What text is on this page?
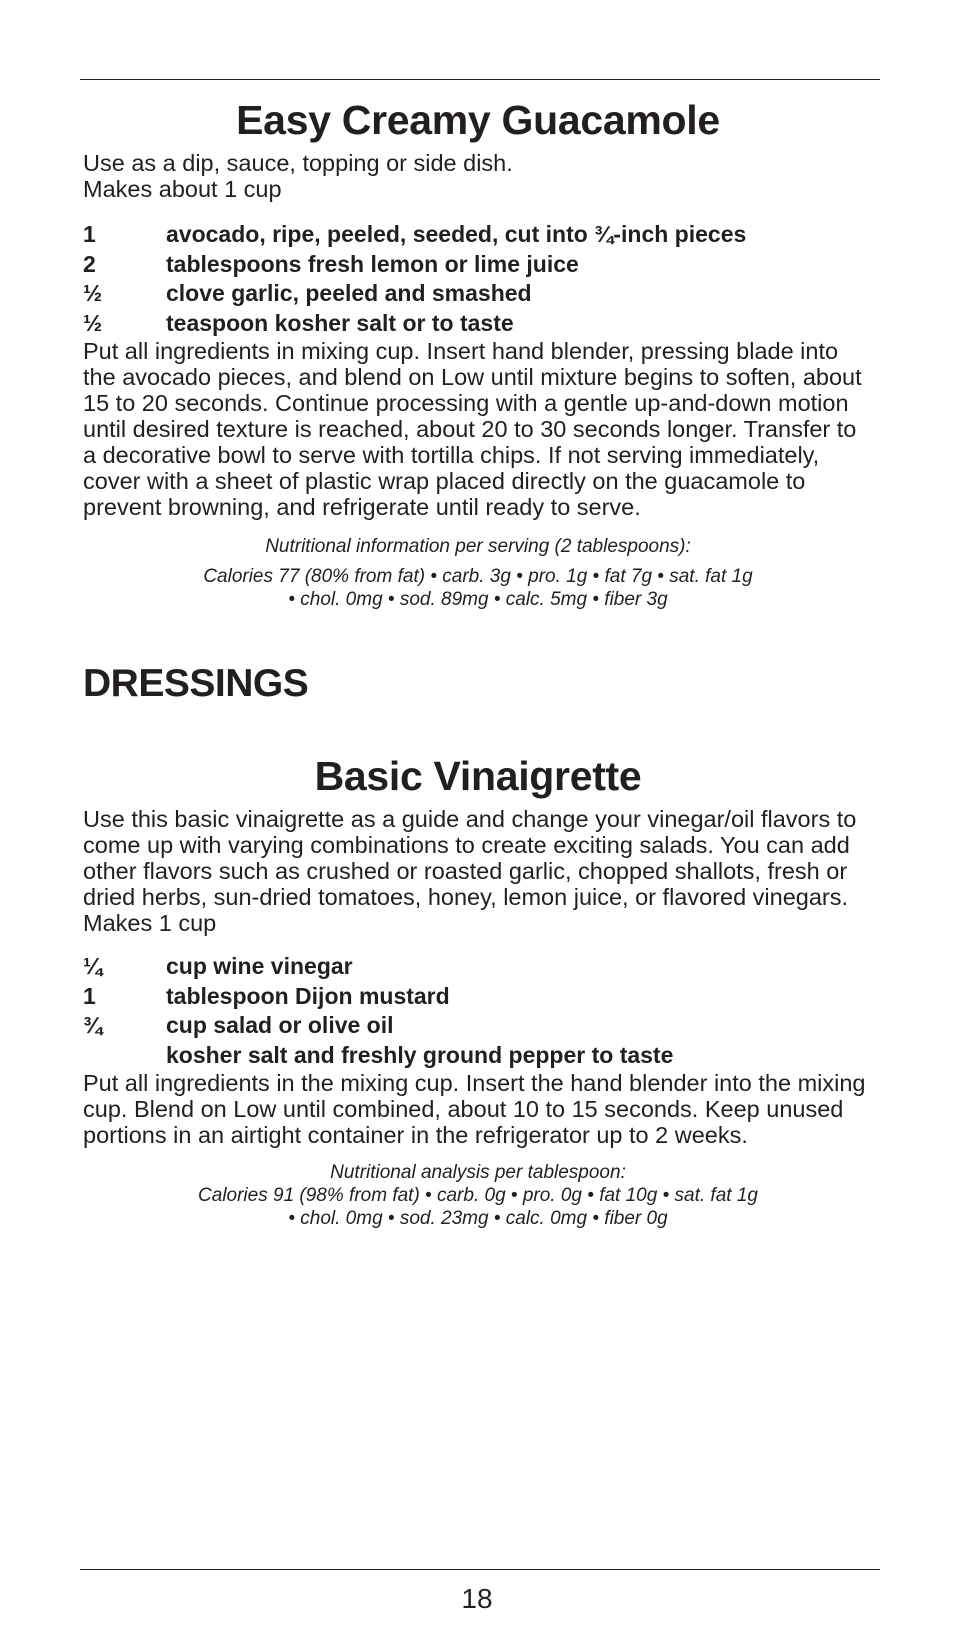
Easy Creamy Guacamole

Use as a dip, sauce, topping or side dish.

Makes about 1 cup

1	avocado, ripe, peeled, seeded, cut into ¾-inch pieces
2	tablespoons fresh lemon or lime juice
½	clove garlic, peeled and smashed
½	teaspoon kosher salt or to taste

Put all ingredients in mixing cup. Insert hand blender, pressing blade into the avocado pieces, and blend on Low until mixture begins to soften, about 15 to 20 seconds. Continue processing with a gentle up-and-down motion until desired texture is reached, about 20 to 30 seconds longer. Transfer to a decorative bowl to serve with tortilla chips. If not serving immediately, cover with a sheet of plastic wrap placed directly on the guacamole to prevent browning, and refrigerate until ready to serve.

Nutritional information per serving (2 tablespoons):

Calories 77 (80% from fat) • carb. 3g • pro. 1g • fat 7g • sat. fat 1g

• chol. 0mg • sod. 89mg • calc. 5mg • fiber 3g

DRESSINGS
Basic Vinaigrette

Use this basic vinaigrette as a guide and change your vinegar/oil flavors to come up with varying combinations to create exciting salads. You can add other flavors such as crushed or roasted garlic, chopped shallots, fresh or dried herbs, sun-dried tomatoes, honey, lemon juice, or flavored vinegars.

Makes 1 cup

¼	cup wine vinegar
1	tablespoon Dijon mustard
¾	cup salad or olive oil
kosher salt and freshly ground pepper to taste

Put all ingredients in the mixing cup. Insert the hand blender into the mixing cup. Blend on Low until combined, about 10 to 15 seconds. Keep unused portions in an airtight container in the refrigerator up to 2 weeks.

Nutritional analysis per tablespoon:

Calories 91 (98% from fat) • carb. 0g • pro. 0g • fat 10g • sat. fat 1g

• chol. 0mg • sod. 23mg • calc. 0mg • fiber 0g

18
